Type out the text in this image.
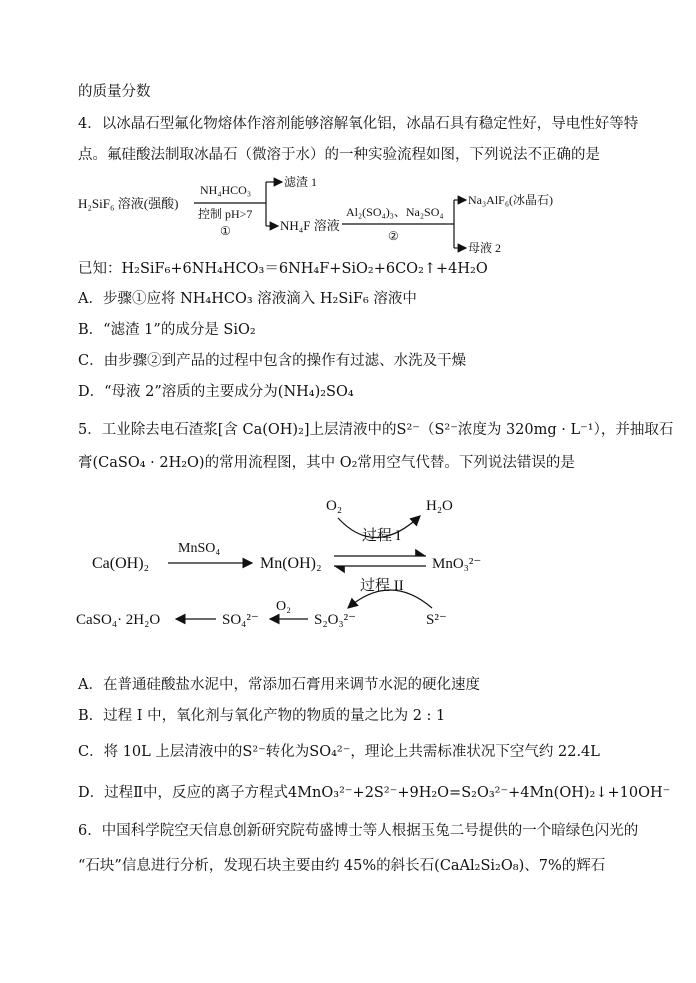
的质量分数
4．以冰晶石型氟化物熔体作溶剂能够溶解氧化铝，冰晶石具有稳定性好，导电性好等特
点。氟硅酸法制取冰晶石（微溶于水）的一种实验流程如图，下列说法不正确的是
H₂SiF₆ 溶液(强酸)
NH₄HCO₃
控制 pH>7
①
滤渣 1
NH₄F 溶液
Al₂(SO₄)₃、Na₂SO₄
②
Na₃AlF₆(冰晶石)
母液 2
已知：H₂SiF₆+6NH₄HCO₃＝6NH₄F+SiO₂+6CO₂↑+4H₂O
A．步骤①应将 NH₄HCO₃ 溶液滴入 H₂SiF₆ 溶液中
B．“滤渣 1”的成分是 SiO₂
C．由步骤②到产品的过程中包含的操作有过滤、水洗及干燥
D．“母液 2”溶质的主要成分为(NH₄)₂SO₄
5．工业除去电石渣浆[含 Ca(OH)₂]上层清液中的S²⁻（S²⁻浓度为 320mg · L⁻¹），并抽取石
膏(CaSO₄ · 2H₂O)的常用流程图，其中 O₂常用空气代替。下列说法错误的是
O₂	H₂O
过程 I
Ca(OH)₂
MnSO₄
Mn(OH)₂	MnO₃²⁻
过程 II
CaSO₄· 2H₂O	SO₄²⁻
O₂
S₂O₃²⁻	S²⁻
A．在普通硅酸盐水泥中，常添加石膏用来调节水泥的硬化速度
B．过程 I 中，氧化剂与氧化产物的物质的量之比为 2 : 1
C．将 10L 上层清液中的S²⁻转化为SO₄²⁻，理论上共需标准状况下空气约 22.4L
D．过程Ⅱ中，反应的离子方程式4MnO₃²⁻+2S²⁻+9H₂O=S₂O₃²⁻+4Mn(OH)₂↓+10OH⁻
6．中国科学院空天信息创新研究院苟盛博士等人根据玉兔二号提供的一个暗绿色闪光的
“石块”信息进行分析，发现石块主要由约 45%的斜长石(CaAl₂Si₂O₈)、7%的辉石
